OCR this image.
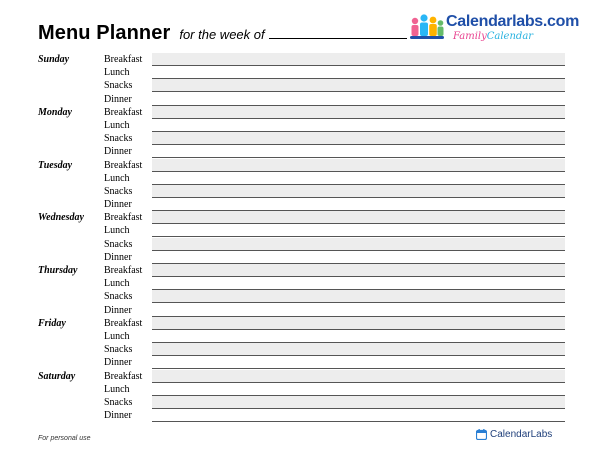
Menu Planner for the week of
Calendarlabs.com
FamilyCalendar
Sunday	Breakfast
Lunch
Snacks
Dinner
Monday	Breakfast
Lunch
Snacks
Dinner
Tuesday	Breakfast
Lunch
Snacks
Dinner
Wednesday Breakfast
Lunch
Snacks
Dinner
Thursday	Breakfast
Lunch
Snacks
Dinner
Friday	Breakfast
Lunch
Snacks
Dinner
Saturday	Breakfast
Lunch
Snacks
Dinner
For personal use	CalendarLabs
